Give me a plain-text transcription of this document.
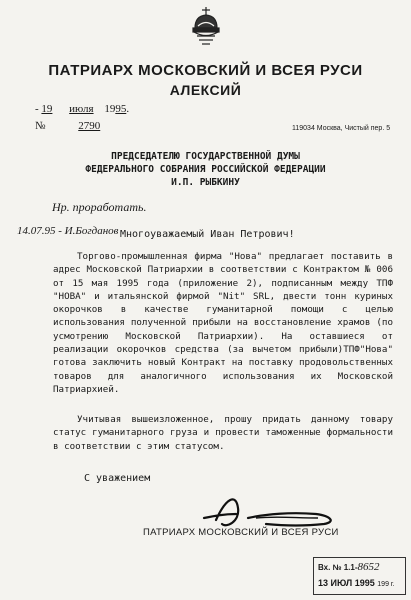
ПАТРИАРХ МОСКОВСКИЙ И ВСЕЯ РУСИ
АЛЕКСИЙ
- 19 июля 1995.
№	2790	119034 Москва, Чистый пер. 5
ПРЕДСЕДАТЕЛЮ ГОСУДАРСТВЕННОЙ ДУМЫ
ФЕДЕРАЛЬНОГО СОБРАНИЯ РОССИЙСКОЙ ФЕДЕРАЦИИ
И.П. РЫБКИНУ
Нр. проработать.
14.07.95 - И.Богданов Многоуважаемый Иван Петрович!
Торгово-промышленная фирма "Нова" предлагает поставить в адрес Московской Патриархии в соответствии с Контрактом № 006 от 15 мая 1995 года (приложение 2), подписанным между ТПФ "НОВА" и итальянской фирмой "Nit" SRL, двести тонн куриных окорочков в качестве гуманитарной помощи с целью использования полученной прибыли на восстановление храмов (по усмотрению Московской Патриархии). На оставшиеся от реализации окорочков средства (за вычетом прибыли)ТПФ"Нова" готова заключить новый Контракт на поставку продовольственных товаров для аналогичного использования их Московской Патриархией.
Учитывая вышеизложенное, прошу придать данному товару статус гуманитарного груза и провести таможенные формальности в соответствии с этим статусом.
С уважением
ПАТРИАРХ МОСКОВСКИЙ И ВСЕЯ РУСИ
Вх. № 1.1-8652
13 ИЮЛ 1995 199 г.
